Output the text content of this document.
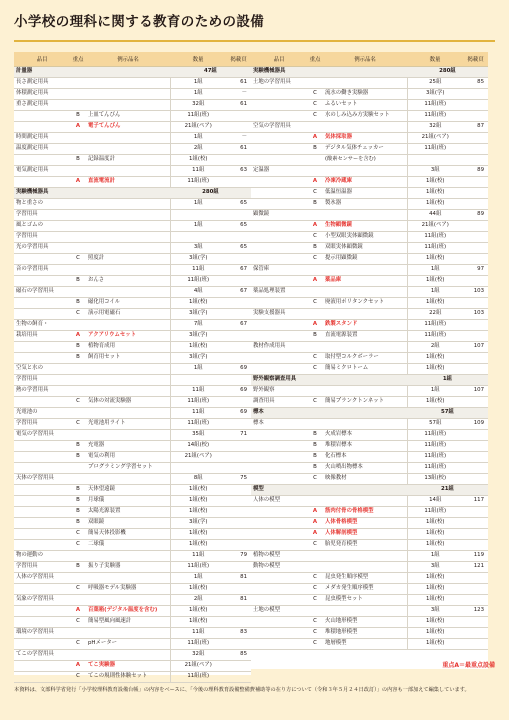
小学校の理科に関する教育のための設備
品目	重点	例示品名	数量	掲載頁
計量器			47組	
長さ測定用具			1組	61
体積測定用具			1組	－
重さ測定用具			32組	61
	B	上皿てんびん	11組(班)	
	A	電子てんびん	21組(ペア)	
時間測定用具			1組	－
温度測定用具			2組	61
	B	記録温度計	1組(校)	
電気測定用具			11組	63
	A	直流電流計	11組(班)	
実験機械器具			280組	
物と重さの			1組	65
学習用具				
風とゴムの			1組	65
学習用具				
光の学習用具			3組	65
	C	照度計	3組(学)	
音の学習用具			11組	67
	B	おんさ	11組(班)	
磁石の学習用具			4組	67
	B	磁化用コイル	1組(校)	
	C	演示用電磁石	3組(学)	
生物の飼育・			7組	67
栽培用具	A	アクアリウムセット	3組(学)	
	B	植物育成用	1組(校)	
	B	飼育用セット	3組(学)	
空気と水の			1組	69
学習用具				
熱の学習用具			11組	69
	C	気体の対流実験器	11組(班)	
光電池の			11組	69
学習用具	C	光電池用ライト	11組(班)	
電気の学習用具			35組	71
	B	充電器	14組(校)	
	B	電気の利用	21組(ペア)	
		プログラミング学習セット		
天体の学習用具			8組	75
	B	天体望遠鏡	1組(校)	
	B	月球儀	1組(校)	
	B	太陽光源装置	1組(校)	
	B	双眼鏡	3組(学)	
	C	簡易天体投影機	1組(校)	
	C	二球儀	1組(校)	
物の運動の			11組	79
学習用具	B	振り子実験器	11組(班)	
人体の学習用具			1組	81
	C	呼吸器モデル実験器	1組(校)	
気象の学習用具			2組	81
	A	百葉箱(デジタル温度を含む)	1組(校)	
	C	簡易型風向風速計	1組(校)	
環境の学習用具			11組	83
	C	pHメーター	11組(班)	
てこの学習用具			32組	85
	A	てこ実験器	21組(ペア)	
	C	てこの規則性体験セット	11組(班)	
品目	重点	例示品名	数量	掲載頁
実験機械器具			280組	
土地の学習用具			25組	85
	C	流水の働き実験器	3組(学)	
	C	ふるいセット	11組(班)	
	C	水のしみ込み方実験セット	11組(班)	
空気の学習用具			32組	87
	A	気体採取器	21組(ペア)	
	B	デジタル気体チェッカー	11組(班)	
		(酸素センサーを含む)		
定温器			3組	89
	A	冷凍冷蔵庫	1組(校)	
	C	低温恒温器	1組(校)	
	B	製氷器	1組(校)	
顕微鏡			44組	89
	A	生物顕微鏡	21組(ペア)	
	C	小型双眼実体顕微鏡	11組(班)	
	B	双眼実体顕微鏡	11組(班)	
	C	提示用顕微鏡	1組(校)	
保管庫			1組	97
	A	薬品庫	1組(校)	
薬品処理装置			1組	103
	C	廃液用ポリタンクセット	1組(校)	
実験支援器具			22組	103
	A	鉄製スタンド	11組(班)	
	B	直流電源装置	11組(班)	
教材作成用具			2組	107
	C	取付型コルクボーラー	1組(校)	
	C	簡易ミクロトーム	1組(校)	
野外観察調査用具			1組	
野外観察			1組	107
調査用具	C	簡易プランクトンネット	1組(校)	
標本			57組	
標本			57組	109
	B	火成岩標本	11組(班)	
	B	堆積岩標本	11組(班)	
	B	化石標本	11組(班)	
	B	火山噴出物標本	11組(班)	
	C	映像教材	13組(校)	
模型			21組	
人体の模型			14組	117
	A	筋肉付骨の骨格模型	11組(班)	
	A	人体骨格模型	1組(校)	
	A	人体解剖模型	1組(校)	
	C	胎児発育模型	1組(校)	
植物の模型			1組	119
動物の模型			3組	121
	C	昆虫発生順序模型	1組(校)	
	C	メダカ発生順序模型	1組(校)	
	C	昆虫模型セット	1組(校)	
土地の模型			3組	123
	C	火山地形模型	1組(校)	
	C	堆積地形模型	1組(校)	
	C	地層模型	1組(校)	
重点A＝最重点設備
本資料は、文部科学省発行「小学校理科教育設備台帳」の内容をベースに、「今後の理科教育設備整備費補助等の在り方について（令和３年５月２４日改訂）」の内容も一部加えて編集しています。
